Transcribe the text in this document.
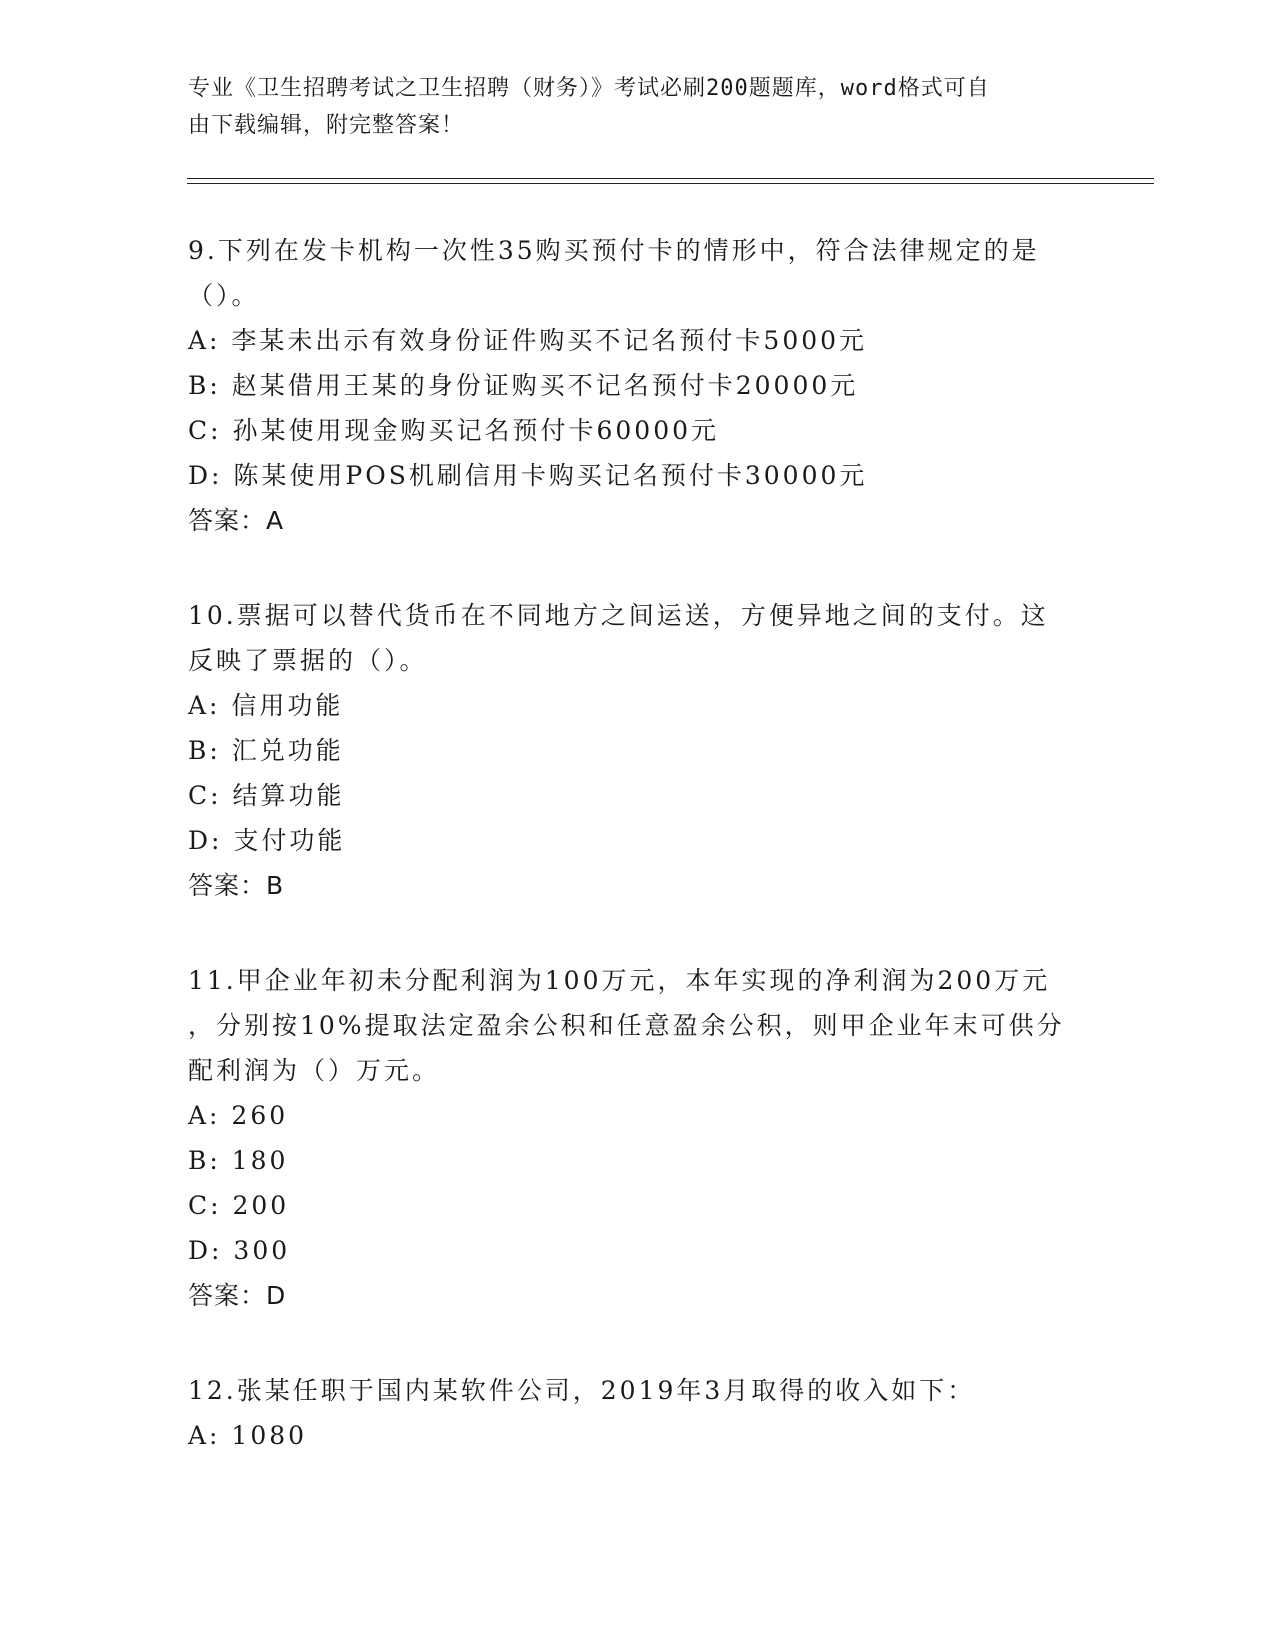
专业《卫生招聘考试之卫生招聘（财务）》考试必刷200题题库，word格式可自
由下载编辑，附完整答案！
9.下列在发卡机构一次性35购买预付卡的情形中，符合法律规定的是
（）。
A: 李某未出示有效身份证件购买不记名预付卡5000元
B: 赵某借用王某的身份证购买不记名预付卡20000元
C: 孙某使用现金购买记名预付卡60000元
D: 陈某使用POS机刷信用卡购买记名预付卡30000元
答案：A
10.票据可以替代货币在不同地方之间运送，方便异地之间的支付。这
反映了票据的（）。
A: 信用功能
B: 汇兑功能
C: 结算功能
D: 支付功能
答案：B
11.甲企业年初未分配利润为100万元，本年实现的净利润为200万元
，分别按10%提取法定盈余公积和任意盈余公积，则甲企业年末可供分
配利润为（）万元。
A: 260
B: 180
C: 200
D: 300
答案：D
12.张某任职于国内某软件公司，2019年3月取得的收入如下：
A: 1080
